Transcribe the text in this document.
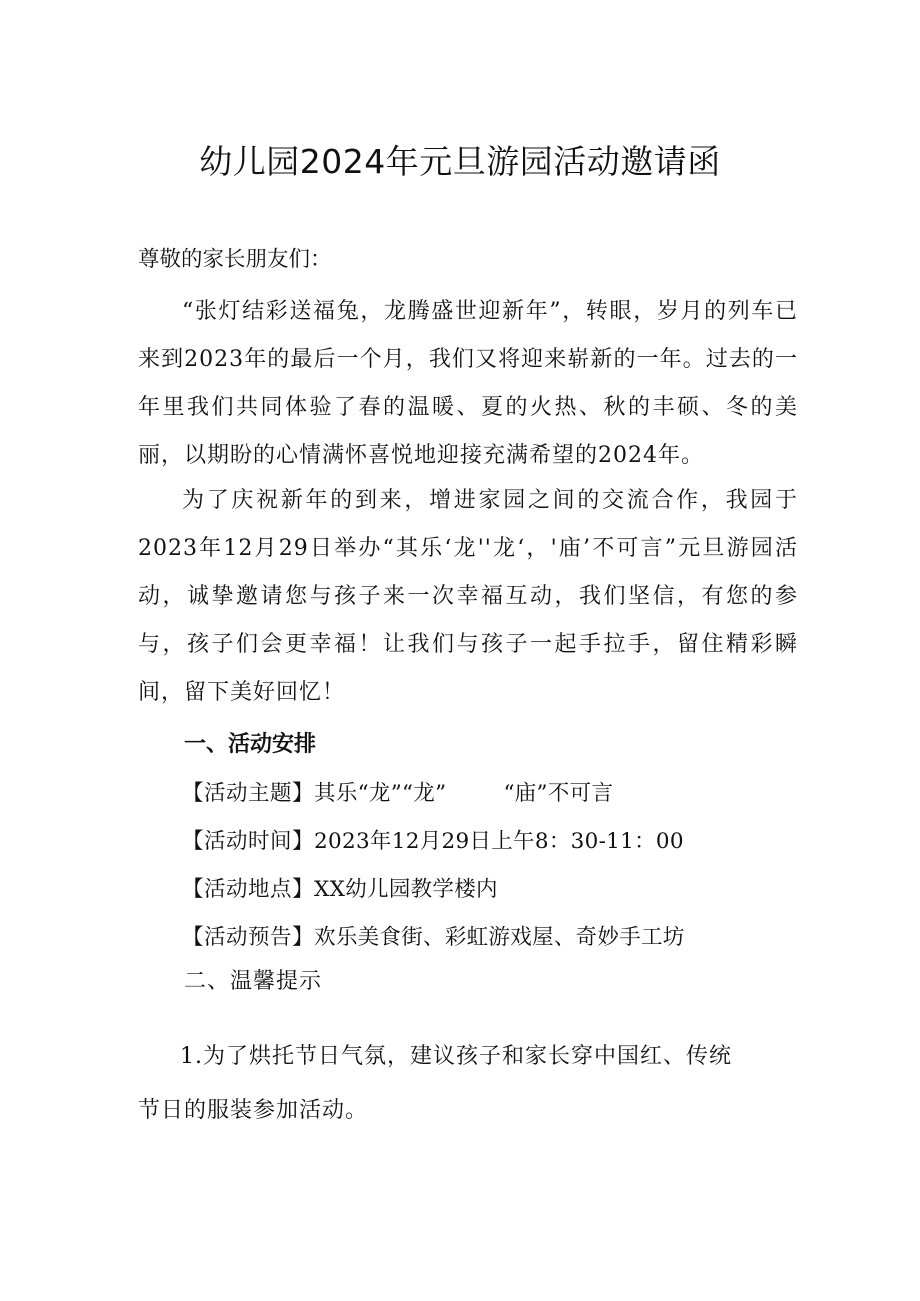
幼儿园2024年元旦游园活动邀请函

尊敬的家长朋友们：

“张灯结彩送福兔，龙腾盛世迎新年”，转眼，岁月的列车已来到2023年的最后一个月，我们又将迎来崭新的一年。过去的一年里我们共同体验了春的温暖、夏的火热、秋的丰硕、冬的美丽，以期盼的心情满怀喜悦地迎接充满希望的2024年。

为了庆祝新年的到来，增进家园之间的交流合作，我园于2023年12月29日举办“其乐‘龙''龙‘，'庙’不可言”元旦游园活动，诚挚邀请您与孩子来一次幸福互动，我们坚信，有您的参与，孩子们会更幸福！让我们与孩子一起手拉手，留住精彩瞬间，留下美好回忆！

一、活动安排
【活动主题】其乐“龙”“龙”        “庙”不可言
【活动时间】2023年12月29日上午8：30-11：00
【活动地点】XX幼儿园教学楼内
【活动预告】欢乐美食街、彩虹游戏屋、奇妙手工坊
二、温馨提示

1.为了烘托节日气氛，建议孩子和家长穿中国红、传统节日的服装参加活动。
